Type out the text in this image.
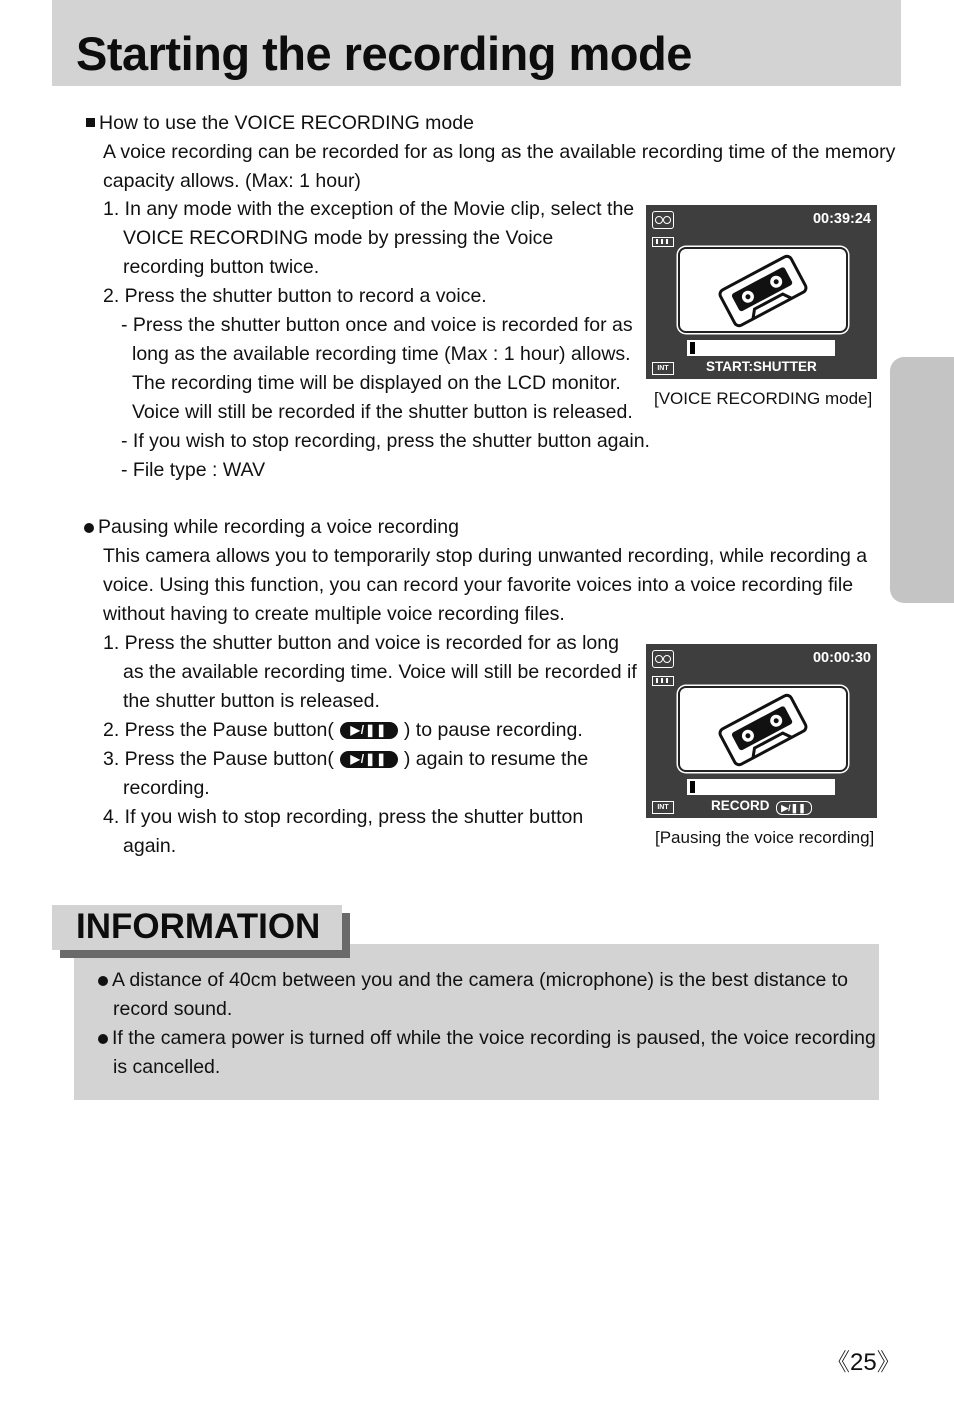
Starting the recording mode
How to use the VOICE RECORDING mode
A voice recording can be recorded for as long as the available recording time of the memory
capacity allows. (Max: 1 hour)
1. In any mode with the exception of the Movie clip, select the
VOICE RECORDING mode by pressing the Voice
recording button twice.
2. Press the shutter button to record a voice.
- Press the shutter button once and voice is recorded for as
long as the available recording time (Max : 1 hour) allows.
The recording time will be displayed on the LCD monitor.
Voice will still be recorded if the shutter button is released.
- If you wish to stop recording, press the shutter button again.
- File type : WAV
00:39:24
INT	START:SHUTTER
[VOICE RECORDING mode]
Pausing while recording a voice recording
This camera allows you to temporarily stop during unwanted recording, while recording a
voice. Using this function, you can record your favorite voices into a voice recording file
without having to create multiple voice recording files.
1. Press the shutter button and voice is recorded for as long
as the available recording time. Voice will still be recorded if
the shutter button is released.
2. Press the Pause button(	▶/❚❚ ) to pause recording.
3. Press the Pause button(	▶/❚❚ ) again to resume the
recording.
4. If you wish to stop recording, press the shutter button
again.
00:00:30
INT	RECORD ▶/❚❚
[Pausing the voice recording]
INFORMATION
A distance of 40cm between you and the camera (microphone) is the best distance to
record sound.
If the camera power is turned off while the voice recording is paused, the voice recording
is cancelled.
《25》
